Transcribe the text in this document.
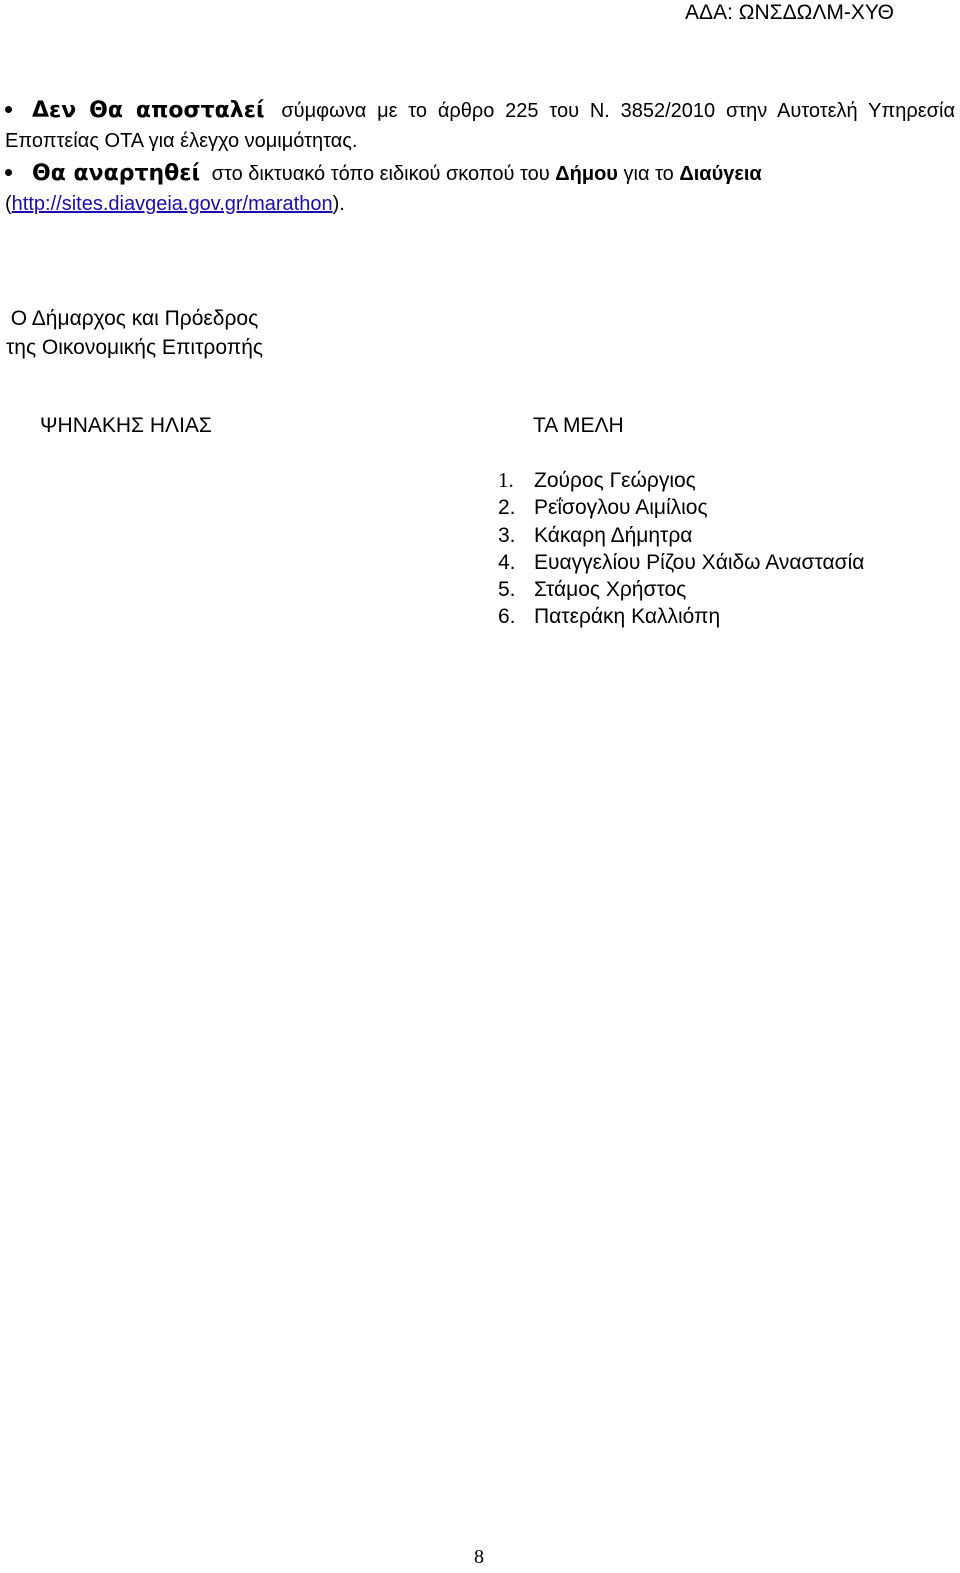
ΑΔΑ: ΩΝΣΔΩΛΜ-ΧΥΘ
Δεν Θα αποσταλεί σύμφωνα με το άρθρο 225 του Ν. 3852/2010 στην Αυτοτελή Υπηρεσία Εποπτείας ΟΤΑ για έλεγχο νομιμότητας.
Θα αναρτηθεί στο δικτυακό τόπο ειδικού σκοπού του Δήμου για το Διαύγεια
(http://sites.diavgeia.gov.gr/marathon).
Ο Δήμαρχος και Πρόεδρος
της Οικονομικής Επιτροπής
ΨΗΝΑΚΗΣ ΗΛΙΑΣ	ΤΑ ΜΕΛΗ
1. Ζούρος Γεώργιος
2. Ρεΐσογλου Αιμίλιος
3. Κάκαρη Δήμητρα
4. Ευαγγελίου Ρίζου Χάιδω Αναστασία
5. Στάμος Χρήστος
6. Πατεράκη Καλλιόπη
8
